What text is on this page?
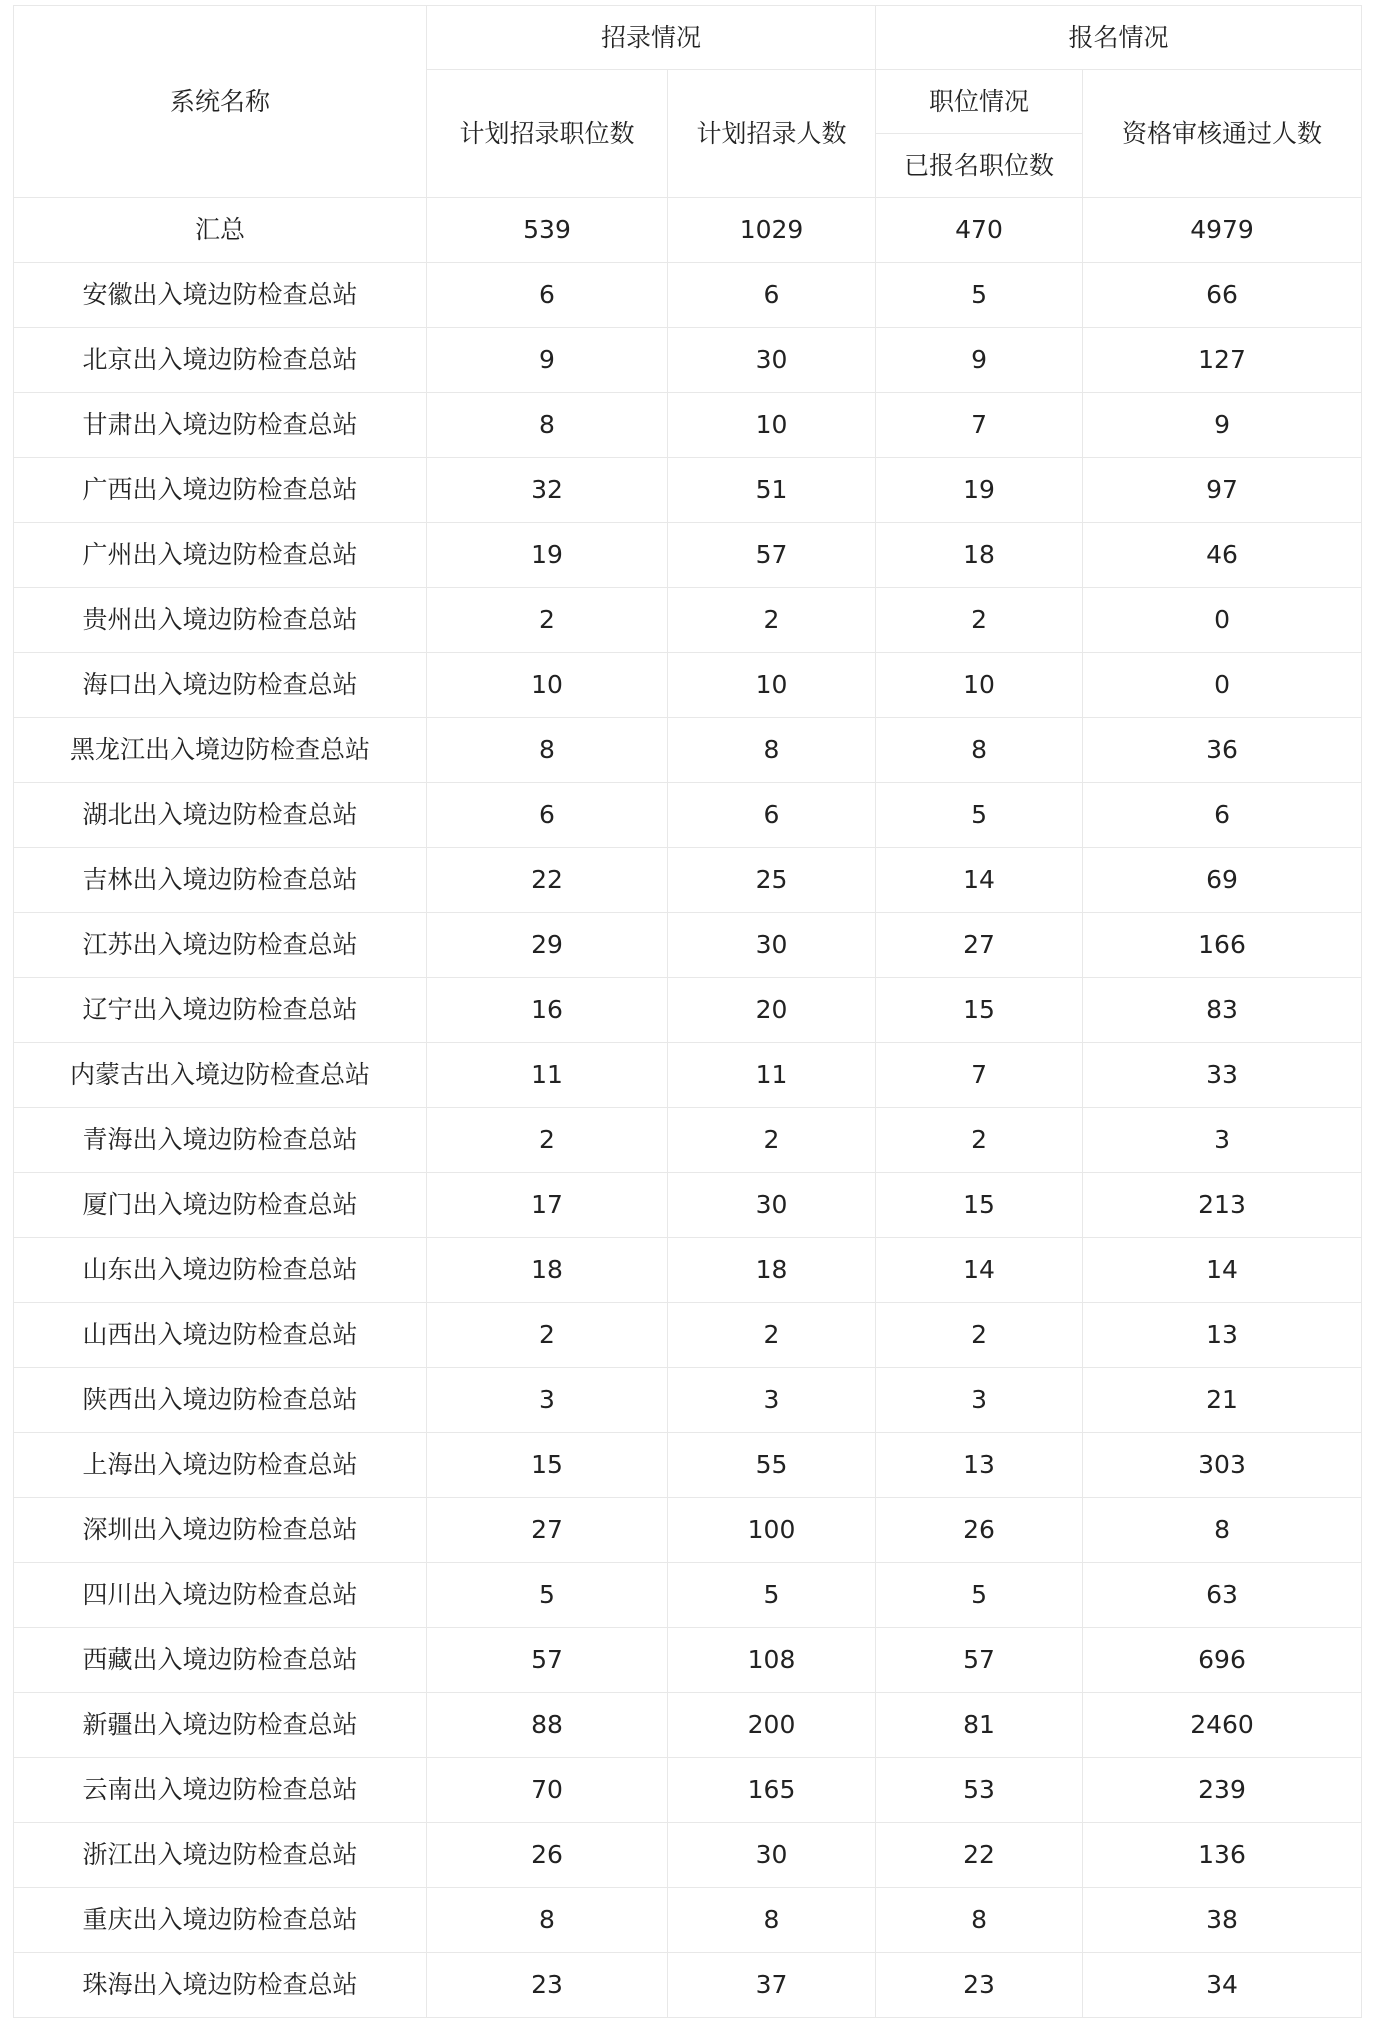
系统名称	招录情况		报名情况	
	计划招录职位数	计划招录人数	职位情况	资格审核通过人数
			已报名职位数	
汇总	539	1029	470	4979
安徽出入境边防检查总站	6	6	5	66
北京出入境边防检查总站	9	30	9	127
甘肃出入境边防检查总站	8	10	7	9
广西出入境边防检查总站	32	51	19	97
广州出入境边防检查总站	19	57	18	46
贵州出入境边防检查总站	2	2	2	0
海口出入境边防检查总站	10	10	10	0
黑龙江出入境边防检查总站	8	8	8	36
湖北出入境边防检查总站	6	6	5	6
吉林出入境边防检查总站	22	25	14	69
江苏出入境边防检查总站	29	30	27	166
辽宁出入境边防检查总站	16	20	15	83
内蒙古出入境边防检查总站	11	11	7	33
青海出入境边防检查总站	2	2	2	3
厦门出入境边防检查总站	17	30	15	213
山东出入境边防检查总站	18	18	14	14
山西出入境边防检查总站	2	2	2	13
陕西出入境边防检查总站	3	3	3	21
上海出入境边防检查总站	15	55	13	303
深圳出入境边防检查总站	27	100	26	8
四川出入境边防检查总站	5	5	5	63
西藏出入境边防检查总站	57	108	57	696
新疆出入境边防检查总站	88	200	81	2460
云南出入境边防检查总站	70	165	53	239
浙江出入境边防检查总站	26	30	22	136
重庆出入境边防检查总站	8	8	8	38
珠海出入境边防检查总站	23	37	23	34
